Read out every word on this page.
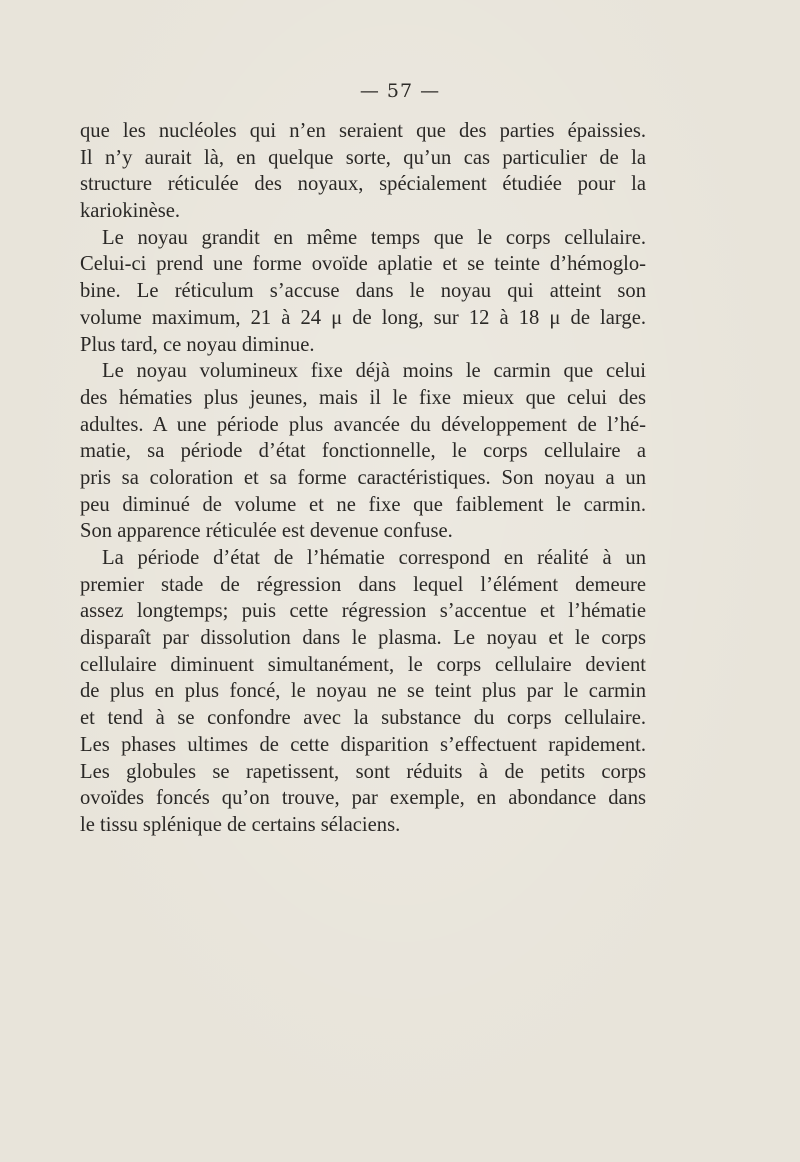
— 57 —
que les nucléoles qui n’en seraient que des parties épaissies.
Il n’y aurait là, en quelque sorte, qu’un cas particulier de la
structure réticulée des noyaux, spécialement étudiée pour la
kariokinèse.
Le noyau grandit en même temps que le corps cellulaire.
Celui-ci prend une forme ovoïde aplatie et se teinte d’hémoglo-
bine. Le réticulum s’accuse dans le noyau qui atteint son
volume maximum, 21 à 24 μ de long, sur 12 à 18 μ de large.
Plus tard, ce noyau diminue.
Le noyau volumineux fixe déjà moins le carmin que celui
des hématies plus jeunes, mais il le fixe mieux que celui des
adultes. A une période plus avancée du développement de l’hé-
matie, sa période d’état fonctionnelle, le corps cellulaire a
pris sa coloration et sa forme caractéristiques. Son noyau a un
peu diminué de volume et ne fixe que faiblement le carmin.
Son apparence réticulée est devenue confuse.
La période d’état de l’hématie correspond en réalité à un
premier stade de régression dans lequel l’élément demeure
assez longtemps; puis cette régression s’accentue et l’hématie
disparaît par dissolution dans le plasma. Le noyau et le corps
cellulaire diminuent simultanément, le corps cellulaire devient
de plus en plus foncé, le noyau ne se teint plus par le carmin
et tend à se confondre avec la substance du corps cellulaire.
Les phases ultimes de cette disparition s’effectuent rapidement.
Les globules se rapetissent, sont réduits à de petits corps
ovoïdes foncés qu’on trouve, par exemple, en abondance dans
le tissu splénique de certains sélaciens.
